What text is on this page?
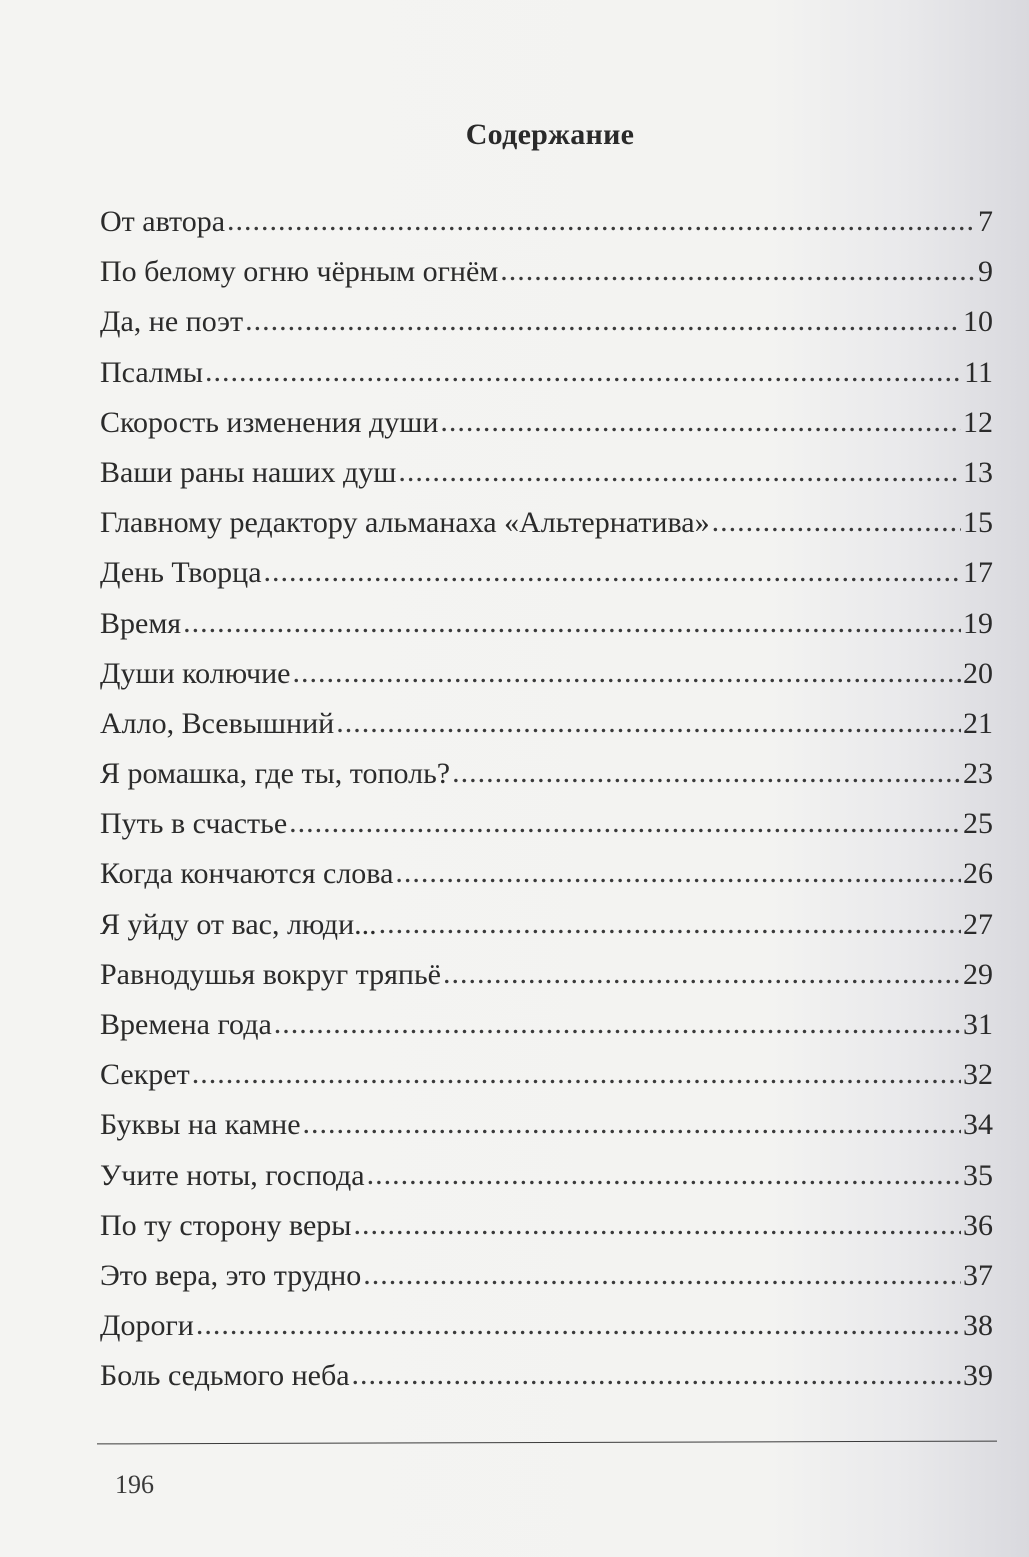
Содержание
От автора .....	7
По белому огню чёрным огнём .....	9
Да, не поэт .....	10
Псалмы .....	11
Скорость изменения души .....	12
Ваши раны наших душ .....	13
Главному редактору альманаха «Альтернатива» .....	15
День Творца .....	17
Время .....	19
Души колючие .....	20
Алло, Всевышний .....	21
Я ромашка, где ты, тополь? .....	23
Путь в счастье .....	25
Когда кончаются слова .....	26
Я уйду от вас, люди... .....	27
Равнодушья вокруг тряпьё .....	29
Времена года .....	31
Секрет .....	32
Буквы на камне .....	34
Учите ноты, господа .....	35
По ту сторону веры .....	36
Это вера, это трудно .....	37
Дороги .....	38
Боль седьмого неба .....	39
196
